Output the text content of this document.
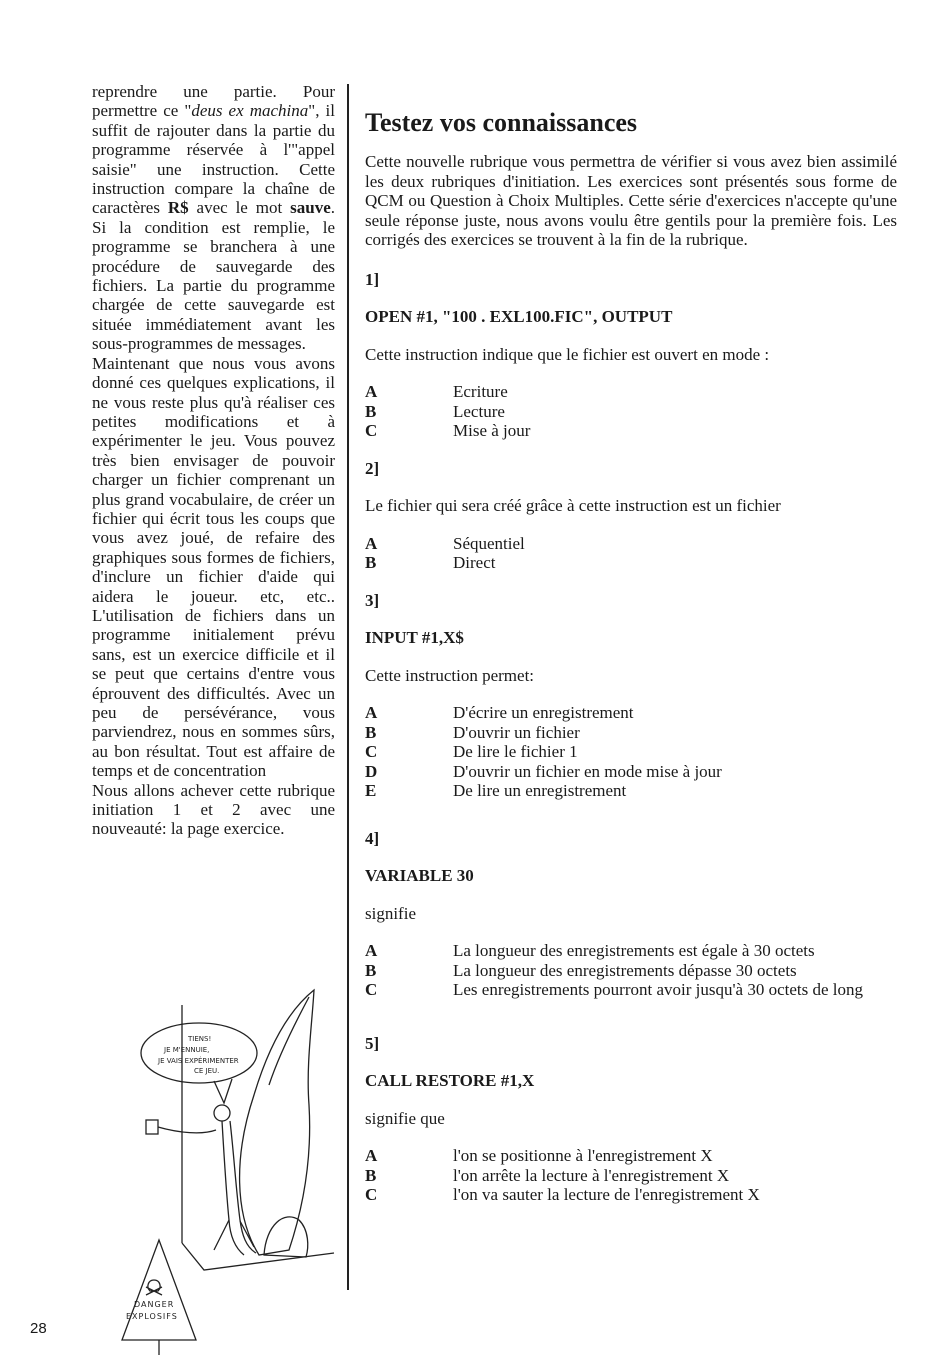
reprendre une partie. Pour permettre ce "deus ex machina", il suffit de rajouter dans la partie du programme réservée à l'"appel saisie" une instruction. Cette instruction compare la chaîne de caractères R$ avec le mot sauve. Si la condition est remplie, le programme se branchera à une procédure de sauvegarde des fichiers. La partie du programme chargée de cette sauvegarde est située immédiatement avant les sous-programmes de messages.

Maintenant que nous vous avons donné ces quelques explications, il ne vous reste plus qu'à réaliser ces petites modifications et à expérimenter le jeu. Vous pouvez très bien envisager de pouvoir charger un fichier comprenant un plus grand vocabulaire, de créer un fichier qui écrit tous les coups que vous avez joué, de refaire des graphiques sous formes de fichiers, d'inclure un fichier d'aide qui aidera le joueur. etc, etc.. L'utilisation de fichiers dans un programme initialement prévu sans, est un exercice difficile et il se peut que certains d'entre vous éprouvent des difficultés. Avec un peu de persévérance, vous parviendrez, nous en sommes sûrs, au bon résultat. Tout est affaire de temps et de concentration

Nous allons achever cette rubrique initiation 1 et 2 avec une nouveauté: la page exercice.

TIENS!
JE M'ENNUIE,
JE VAIS EXPÉRIMENTER
CE JEU.
DANGER
EXPLOSIFS
Testez vos connaissances

Cette nouvelle rubrique vous permettra de vérifier si vous avez bien assimilé les deux rubriques d'initiation. Les exercices sont présentés sous forme de QCM ou Question à Choix Multiples. Cette série d'exercices n'accepte qu'une seule réponse juste, nous avons voulu être gentils pour la première fois. Les corrigés des exercices se trouvent à la fin de la rubrique.

1]

OPEN #1, "100 . EXL100.FIC", OUTPUT

Cette instruction indique que le fichier est ouvert en mode :

A	Ecriture
B	Lecture
C	Mise à jour

2]

Le fichier qui sera créé grâce à cette instruction est un fichier

A	Séquentiel
B	Direct

3]

INPUT #1,X$

Cette instruction permet:

A	D'écrire un enregistrement
B	D'ouvrir un fichier
C	De lire le fichier 1
D	D'ouvrir un fichier en mode mise à jour
E	De lire un enregistrement

4]

VARIABLE 30

signifie

A	La longueur des enregistrements est égale à 30 octets
B	La longueur des enregistrements dépasse 30 octets
C	Les enregistrements pourront avoir jusqu'à 30 octets de long

5]

CALL RESTORE #1,X

signifie que

A	l'on se positionne à l'enregistrement X
B	l'on arrête la lecture à l'enregistrement X
C	l'on va sauter la lecture de l'enregistrement X
28
